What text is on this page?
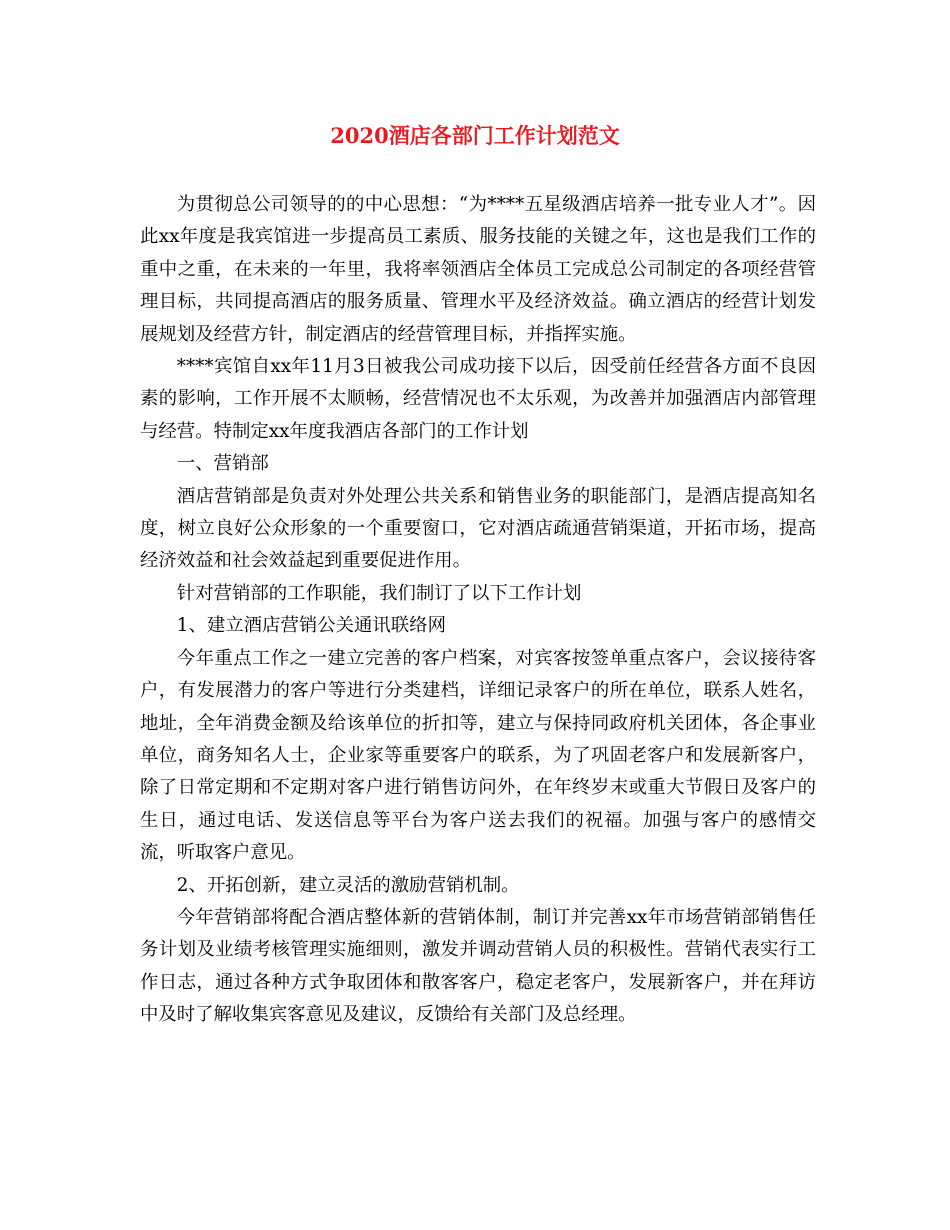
2020酒店各部门工作计划范文

为贯彻总公司领导的的中心思想：“为****五星级酒店培养一批专业人才”。因此xx年度是我宾馆进一步提高员工素质、服务技能的关键之年，这也是我们工作的重中之重，在未来的一年里，我将率领酒店全体员工完成总公司制定的各项经营管理目标，共同提高酒店的服务质量、管理水平及经济效益。确立酒店的经营计划发展规划及经营方针，制定酒店的经营管理目标，并指挥实施。

****宾馆自xx年11月3日被我公司成功接下以后，因受前任经营各方面不良因素的影响，工作开展不太顺畅，经营情况也不太乐观，为改善并加强酒店内部管理与经营。特制定xx年度我酒店各部门的工作计划

一、营销部

酒店营销部是负责对外处理公共关系和销售业务的职能部门，是酒店提高知名度，树立良好公众形象的一个重要窗口，它对酒店疏通营销渠道，开拓市场，提高经济效益和社会效益起到重要促进作用。

针对营销部的工作职能，我们制订了以下工作计划

1、建立酒店营销公关通讯联络网

今年重点工作之一建立完善的客户档案，对宾客按签单重点客户，会议接待客户，有发展潜力的客户等进行分类建档，详细记录客户的所在单位，联系人姓名，地址，全年消费金额及给该单位的折扣等，建立与保持同政府机关团体，各企事业单位，商务知名人士，企业家等重要客户的联系，为了巩固老客户和发展新客户，除了日常定期和不定期对客户进行销售访问外，在年终岁末或重大节假日及客户的生日，通过电话、发送信息等平台为客户送去我们的祝福。加强与客户的感情交流，听取客户意见。

2、开拓创新，建立灵活的激励营销机制。

今年营销部将配合酒店整体新的营销体制，制订并完善xx年市场营销部销售任务计划及业绩考核管理实施细则，激发并调动营销人员的积极性。营销代表实行工作日志，通过各种方式争取团体和散客客户，稳定老客户，发展新客户，并在拜访中及时了解收集宾客意见及建议，反馈给有关部门及总经理。
